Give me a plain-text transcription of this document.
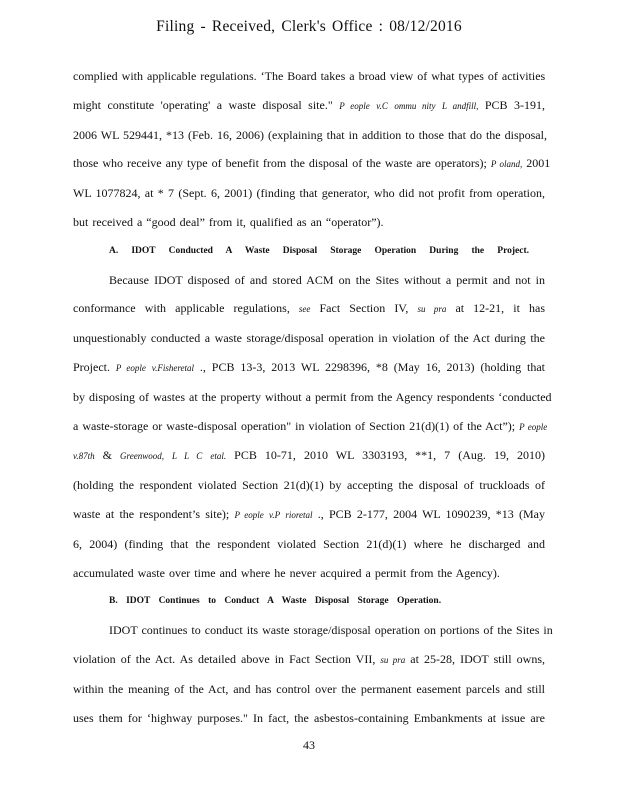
Filing - Received, Clerk's Office : 08/12/2016
complied with applicable regulations. ‘The Board takes a broad view of what types of activities
might constitute 'operating' a waste disposal site." P eople v.C ommu nity L andfill, PCB 3-191,
2006 WL 529441, *13 (Feb. 16, 2006) (explaining that in addition to those that do the disposal,
those who receive any type of benefit from the disposal of the waste are operators); P oland, 2001
WL 1077824, at * 7 (Sept. 6, 2001) (finding that generator, who did not profit from operation,
but received a “good deal” from it, qualified as an “operator”).
A. IDOT Conducted A Waste Disposal Storage Operation During the Project.
Because IDOT disposed of and stored ACM on the Sites without a permit and not in
conformance with applicable regulations, see Fact Section IV, su pra at 12-21, it has
unquestionably conducted a waste storage/disposal operation in violation of the Act during the
Project. P eople v.Fisheretal ., PCB 13-3, 2013 WL 2298396, *8 (May 16, 2013) (holding that
by disposing of wastes at the property without a permit from the Agency respondents ‘conducted
a waste-storage or waste-disposal operation" in violation of Section 21(d)(1) of the Act”); P eople
v.87th & Greenwood, L L C etal. PCB 10-71, 2010 WL 3303193, **1, 7 (Aug. 19, 2010)
(holding the respondent violated Section 21(d)(1) by accepting the disposal of truckloads of
waste at the respondent’s site); P eople v.P rioretal ., PCB 2-177, 2004 WL 1090239, *13 (May
6, 2004) (finding that the respondent violated Section 21(d)(1) where he discharged and
accumulated waste over time and where he never acquired a permit from the Agency).
B. IDOT Continues to Conduct A Waste Disposal Storage Operation.
IDOT continues to conduct its waste storage/disposal operation on portions of the Sites in
violation of the Act. As detailed above in Fact Section VII, su pra at 25-28, IDOT still owns,
within the meaning of the Act, and has control over the permanent easement parcels and still
uses them for ‘highway purposes." In fact, the asbestos-containing Embankments at issue are
43
